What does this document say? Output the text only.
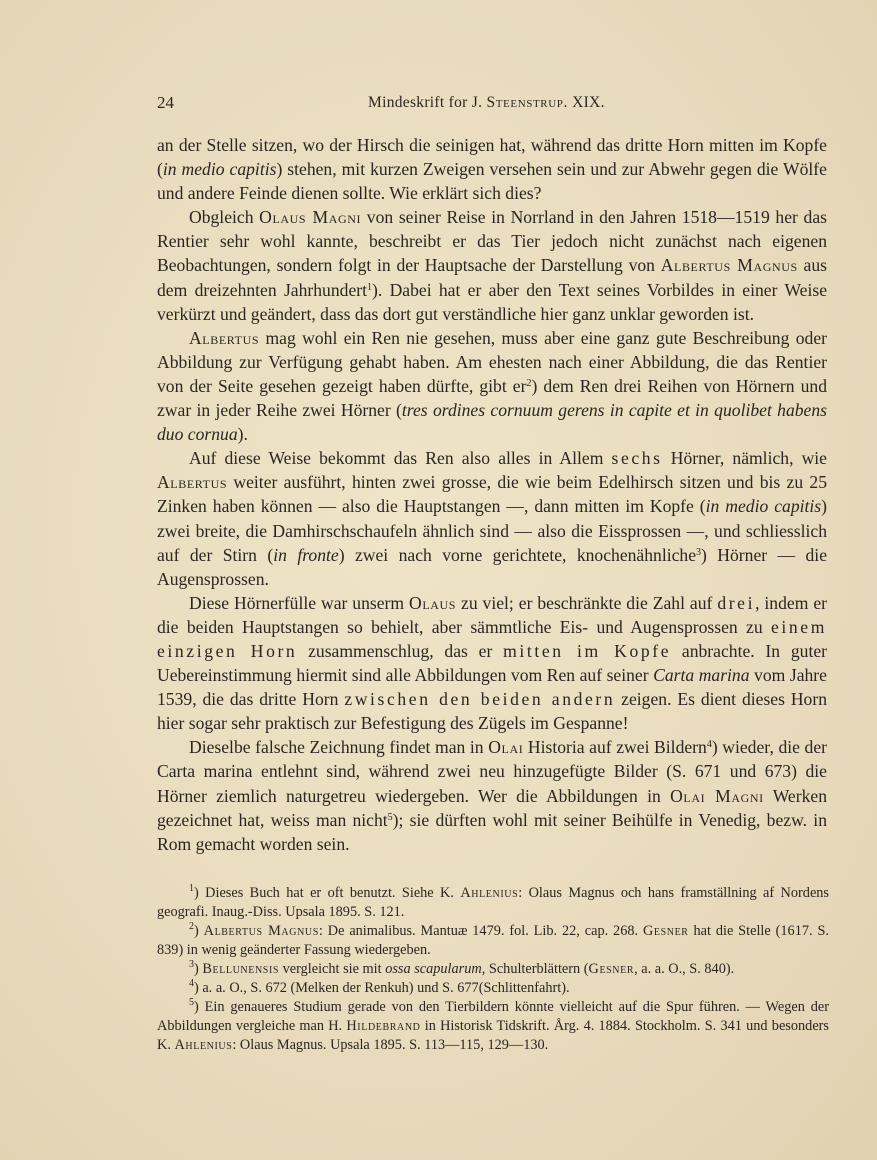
24	Mindeskrift for J. Steenstrup. XIX.

an der Stelle sitzen, wo der Hirsch die seinigen hat, während das dritte Horn mitten im Kopfe (in medio capitis) stehen, mit kurzen Zweigen versehen sein und zur Abwehr gegen die Wölfe und andere Feinde dienen sollte. Wie erklärt sich dies?

Obgleich Olaus Magni von seiner Reise in Norrland in den Jahren 1518—1519 her das Rentier sehr wohl kannte, beschreibt er das Tier jedoch nicht zunächst nach eigenen Beobachtungen, sondern folgt in der Hauptsache der Darstellung von Albertus Magnus aus dem dreizehnten Jahrhundert$^1$). Dabei hat er aber den Text seines Vorbildes in einer Weise verkürzt und geändert, dass das dort gut verständliche hier ganz unklar geworden ist.

Albertus mag wohl ein Ren nie gesehen, muss aber eine ganz gute Beschreibung oder Abbildung zur Verfügung gehabt haben. Am ehesten nach einer Abbildung, die das Rentier von der Seite gesehen gezeigt haben dürfte, gibt $er^2$) dem Ren drei Reihen von Hörnern und zwar in jeder Reihe zwei Hörner (tres ordines cornuum gerens in capite et in quolibet habens duo cornua).

Auf diese Weise bekommt das Ren also alles in Allem sechs Hörner, nämlich, wie Albertus weiter ausführt, hinten zwei grosse, die wie beim Edelhirsch sitzen und bis zu 25 Zinken haben können — also die Hauptstangen —, dann mitten im Kopfe (in medio capitis) zwei breite, die Damhirschschaufeln ähnlich sind — also die Eissprossen —, und schliesslich auf der Stirn (in fronte) zwei nach vorne gerichtete, knochenähnliche$^3$) Hörner — die Augensprossen.

Diese Hörnerfülle war unserm Olaus zu viel; er beschränkte die Zahl auf drei, indem er die beiden Hauptstangen so behielt, aber sämmtliche Eis- und Augensprossen zu einem einzigen Horn zusammenschlug, das er mitten im Kopfe anbrachte. In guter Uebereinstimmung hiermit sind alle Abbildungen vom Ren auf seiner Carta marina vom Jahre 1539, die das dritte Horn zwischen den beiden andern zeigen. Es dient dieses Horn hier sogar sehr praktisch zur Befestigung des Zügels im Gespanne!

Dieselbe falsche Zeichnung findet man in Olai Historia auf zwei Bildern$^4$) wieder, die der Carta marina entlehnt sind, während zwei neu hinzugefügte Bilder (S. 671 und 673) die Hörner ziemlich naturgetreu wiedergeben. Wer die Abbildungen in Olai Magni Werken gezeichnet hat, weiss man nicht$^5$); sie dürften wohl mit seiner Beihülfe in Venedig, bezw. in Rom gemacht worden sein.

$^1$) Dieses Buch hat er oft benutzt. Siehe K. Ahlenius: Olaus Magnus och hans framställning af Nordens geografi. Inaug.-Diss. Upsala 1895. S. 121.

$^2$) Albertus Magnus: De animalibus. Mantuæ 1479. fol. Lib. 22, cap. 268. Gesner hat die Stelle (1617. S. 839) in wenig geänderter Fassung wiedergeben.

$^3$) Bellunensis vergleicht sie mit ossa scapularum, Schulterblättern (Gesner, a. a. O., S. 840).

$^4$) a. a. O., S. 672 (Melken der Renkuh) und S. 677(Schlittenfahrt).

$^5$) Ein genaueres Studium gerade von den Tierbildern könnte vielleicht auf die Spur führen. — Wegen der Abbildungen vergleiche man H. Hildebrand in Historisk Tidskrift. Årg. 4. 1884. Stockholm. S. 341 und besonders K. Ahlenius: Olaus Magnus. Upsala 1895. S. 113—115, 129—130.
